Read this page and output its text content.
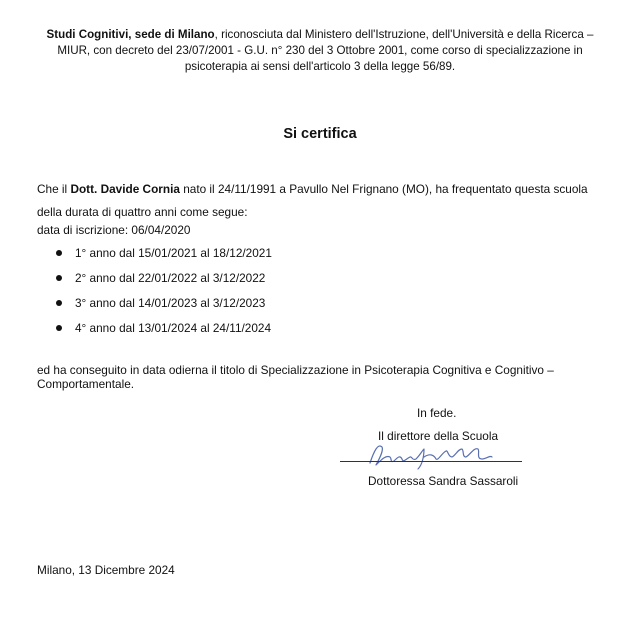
Studi Cognitivi, sede di Milano, riconosciuta dal Ministero dell'Istruzione, dell'Università e della Ricerca – MIUR, con decreto del 23/07/2001 - G.U. n° 230 del 3 Ottobre 2001, come corso di specializzazione in psicoterapia ai sensi dell'articolo 3 della legge 56/89.
Si certifica
Che il Dott. Davide Cornia nato il 24/11/1991 a Pavullo Nel Frignano (MO), ha frequentato questa scuola della durata di quattro anni come segue:
data di iscrizione: 06/04/2020
1° anno dal 15/01/2021 al 18/12/2021
2° anno dal 22/01/2022 al 3/12/2022
3° anno dal 14/01/2023 al 3/12/2023
4° anno dal 13/01/2024 al 24/11/2024
ed ha conseguito in data odierna il titolo di Specializzazione in Psicoterapia Cognitiva e Cognitivo – Comportamentale.
In fede.
Il direttore della Scuola
Dottoressa Sandra Sassaroli
Milano, 13 Dicembre 2024
